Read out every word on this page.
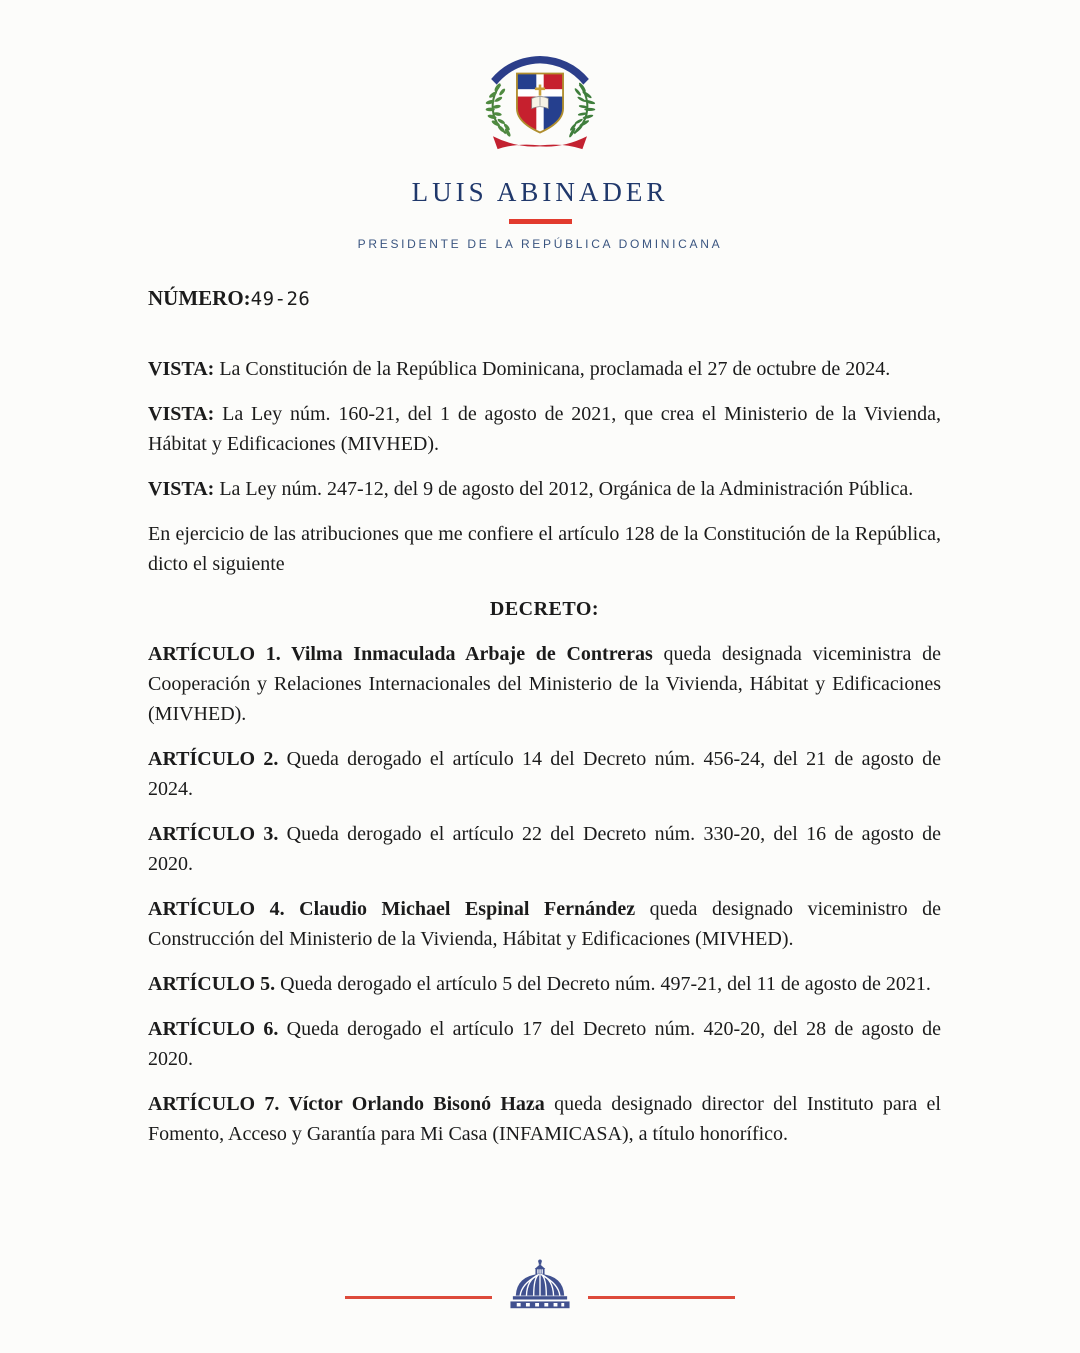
LUIS ABINADER
PRESIDENTE DE LA REPÚBLICA DOMINICANA

NÚMERO:49-26

VISTA: La Constitución de la República Dominicana, proclamada el 27 de octubre de 2024.

VISTA: La Ley núm. 160-21, del 1 de agosto de 2021, que crea el Ministerio de la Vivienda, Hábitat y Edificaciones (MIVHED).

VISTA: La Ley núm. 247-12, del 9 de agosto del 2012, Orgánica de la Administración Pública.

En ejercicio de las atribuciones que me confiere el artículo 128 de la Constitución de la República, dicto el siguiente

DECRETO:

ARTÍCULO 1. Vilma Inmaculada Arbaje de Contreras queda designada viceministra de Cooperación y Relaciones Internacionales del Ministerio de la Vivienda, Hábitat y Edificaciones (MIVHED).

ARTÍCULO 2. Queda derogado el artículo 14 del Decreto núm. 456-24, del 21 de agosto de 2024.

ARTÍCULO 3. Queda derogado el artículo 22 del Decreto núm. 330-20, del 16 de agosto de 2020.

ARTÍCULO 4. Claudio Michael Espinal Fernández queda designado viceministro de Construcción del Ministerio de la Vivienda, Hábitat y Edificaciones (MIVHED).

ARTÍCULO 5. Queda derogado el artículo 5 del Decreto núm. 497-21, del 11 de agosto de 2021.

ARTÍCULO 6. Queda derogado el artículo 17 del Decreto núm. 420-20, del 28 de agosto de 2020.

ARTÍCULO 7. Víctor Orlando Bisonó Haza queda designado director del Instituto para el Fomento, Acceso y Garantía para Mi Casa (INFAMICASA), a título honorífico.
